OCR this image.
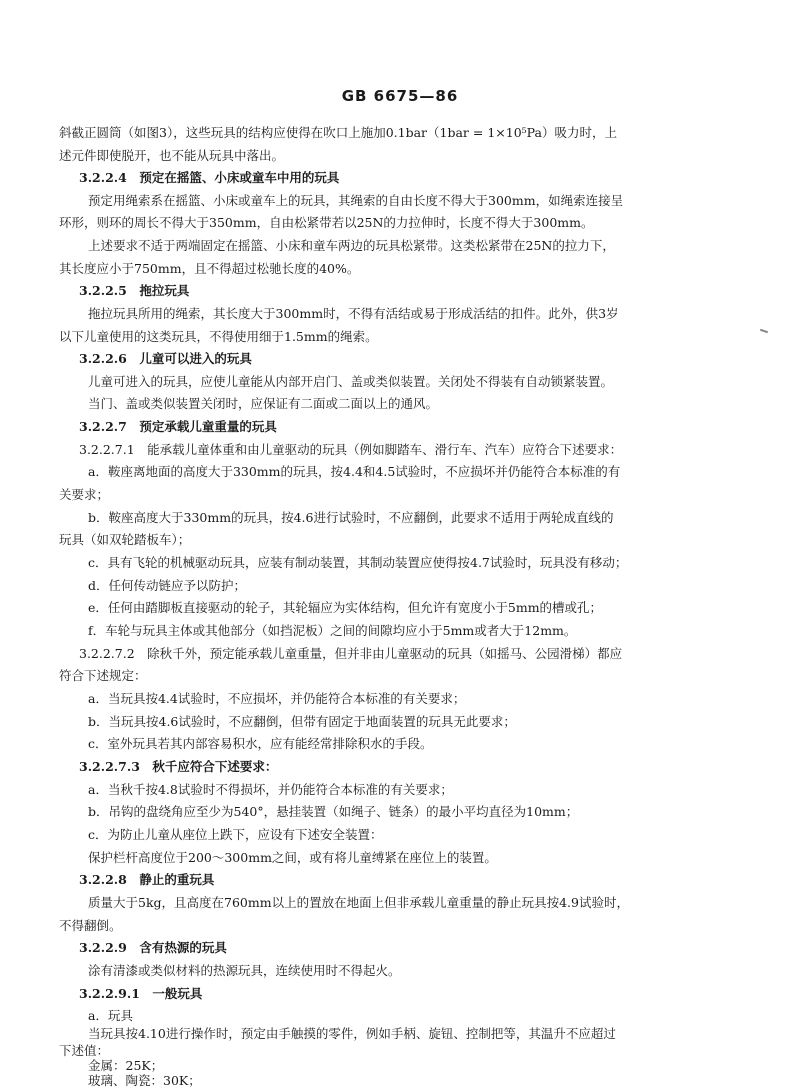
GB 6675—86
斜截正圆筒（如图3），这些玩具的结构应使得在吹口上施加0.1bar（1bar = 1×10⁵Pa）吸力时，上
述元件即使脱开，也不能从玩具中落出。
3.2.2.4　预定在摇篮、小床或童车中用的玩具
预定用绳索系在摇篮、小床或童车上的玩具，其绳索的自由长度不得大于300mm，如绳索连接呈
环形，则环的周长不得大于350mm，自由松紧带若以25N的力拉伸时，长度不得大于300mm。
上述要求不适于两端固定在摇篮、小床和童车两边的玩具松紧带。这类松紧带在25N的拉力下，
其长度应小于750mm，且不得超过松驰长度的40%。
3.2.2.5　拖拉玩具
拖拉玩具所用的绳索，其长度大于300mm时，不得有活结或易于形成活结的扣件。此外，供3岁
以下儿童使用的这类玩具，不得使用细于1.5mm的绳索。
3.2.2.6　儿童可以进入的玩具
儿童可进入的玩具，应使儿童能从内部开启门、盖或类似装置。关闭处不得装有自动锁紧装置。
当门、盖或类似装置关闭时，应保证有二面或二面以上的通风。
3.2.2.7　预定承载儿童重量的玩具
3.2.2.7.1　能承载儿童体重和由儿童驱动的玩具（例如脚踏车、滑行车、汽车）应符合下述要求：
a．鞍座离地面的高度大于330mm的玩具，按4.4和4.5试验时，不应损坏并仍能符合本标准的有
关要求；
b．鞍座高度大于330mm的玩具，按4.6进行试验时，不应翻倒，此要求不适用于两轮成直线的
玩具（如双轮踏板车）；
c．具有飞轮的机械驱动玩具，应装有制动装置，其制动装置应使得按4.7试验时，玩具没有移动；
d．任何传动链应予以防护；
e．任何由踏脚板直接驱动的轮子，其轮辐应为实体结构，但允许有宽度小于5mm的槽或孔；
f．车轮与玩具主体或其他部分（如挡泥板）之间的间隙均应小于5mm或者大于12mm。
3.2.2.7.2　除秋千外，预定能承载儿童重量，但并非由儿童驱动的玩具（如摇马、公园滑梯）都应
符合下述规定：
a．当玩具按4.4试验时，不应损坏，并仍能符合本标准的有关要求；
b．当玩具按4.6试验时，不应翻倒，但带有固定于地面装置的玩具无此要求；
c．室外玩具若其内部容易积水，应有能经常排除积水的手段。
3.2.2.7.3　秋千应符合下述要求：
a．当秋千按4.8试验时不得损坏，并仍能符合本标准的有关要求；
b．吊钩的盘绕角应至少为540°，悬挂装置（如绳子、链条）的最小平均直径为10mm；
c．为防止儿童从座位上跌下，应设有下述安全装置：
保护栏杆高度位于200～300mm之间，或有将儿童缚紧在座位上的装置。
3.2.2.8　静止的重玩具
质量大于5kg，且高度在760mm以上的置放在地面上但非承载儿童重量的静止玩具按4.9试验时，
不得翻倒。
3.2.2.9　含有热源的玩具
涂有清漆或类似材料的热源玩具，连续使用时不得起火。
3.2.2.9.1　一般玩具
a．玩具
当玩具按4.10进行操作时，预定由手触摸的零件，例如手柄、旋钮、控制把等，其温升不应超过
下述值：
金属：25K；
玻璃、陶瓷：30K；
